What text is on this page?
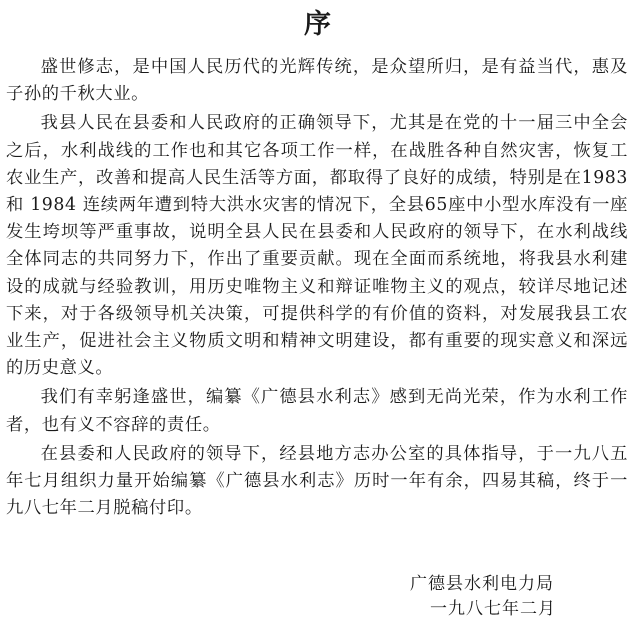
序

盛世修志，是中国人民历代的光辉传统，是众望所归，是有益当代，惠及子孙的千秋大业。

我县人民在县委和人民政府的正确领导下，尤其是在党的十一届三中全会之后，水利战线的工作也和其它各项工作一样，在战胜各种自然灾害，恢复工农业生产，改善和提高人民生活等方面，都取得了良好的成绩，特别是在1983和 1984 连续两年遭到特大洪水灾害的情况下，全县65座中小型水库没有一座发生垮坝等严重事故，说明全县人民在县委和人民政府的领导下，在水利战线全体同志的共同努力下，作出了重要贡献。现在全面而系统地，将我县水利建设的成就与经验教训，用历史唯物主义和辩证唯物主义的观点，较详尽地记述下来，对于各级领导机关决策，可提供科学的有价值的资料，对发展我县工农业生产，促进社会主义物质文明和精神文明建设，都有重要的现实意义和深远的历史意义。

我们有幸躬逢盛世，编纂《广德县水利志》感到无尚光荣，作为水利工作者，也有义不容辞的责任。

在县委和人民政府的领导下，经县地方志办公室的具体指导，于一九八五年七月组织力量开始编纂《广德县水利志》历时一年有余，四易其稿，终于一九八七年二月脱稿付印。

广德县水利电力局
一九八七年二月
